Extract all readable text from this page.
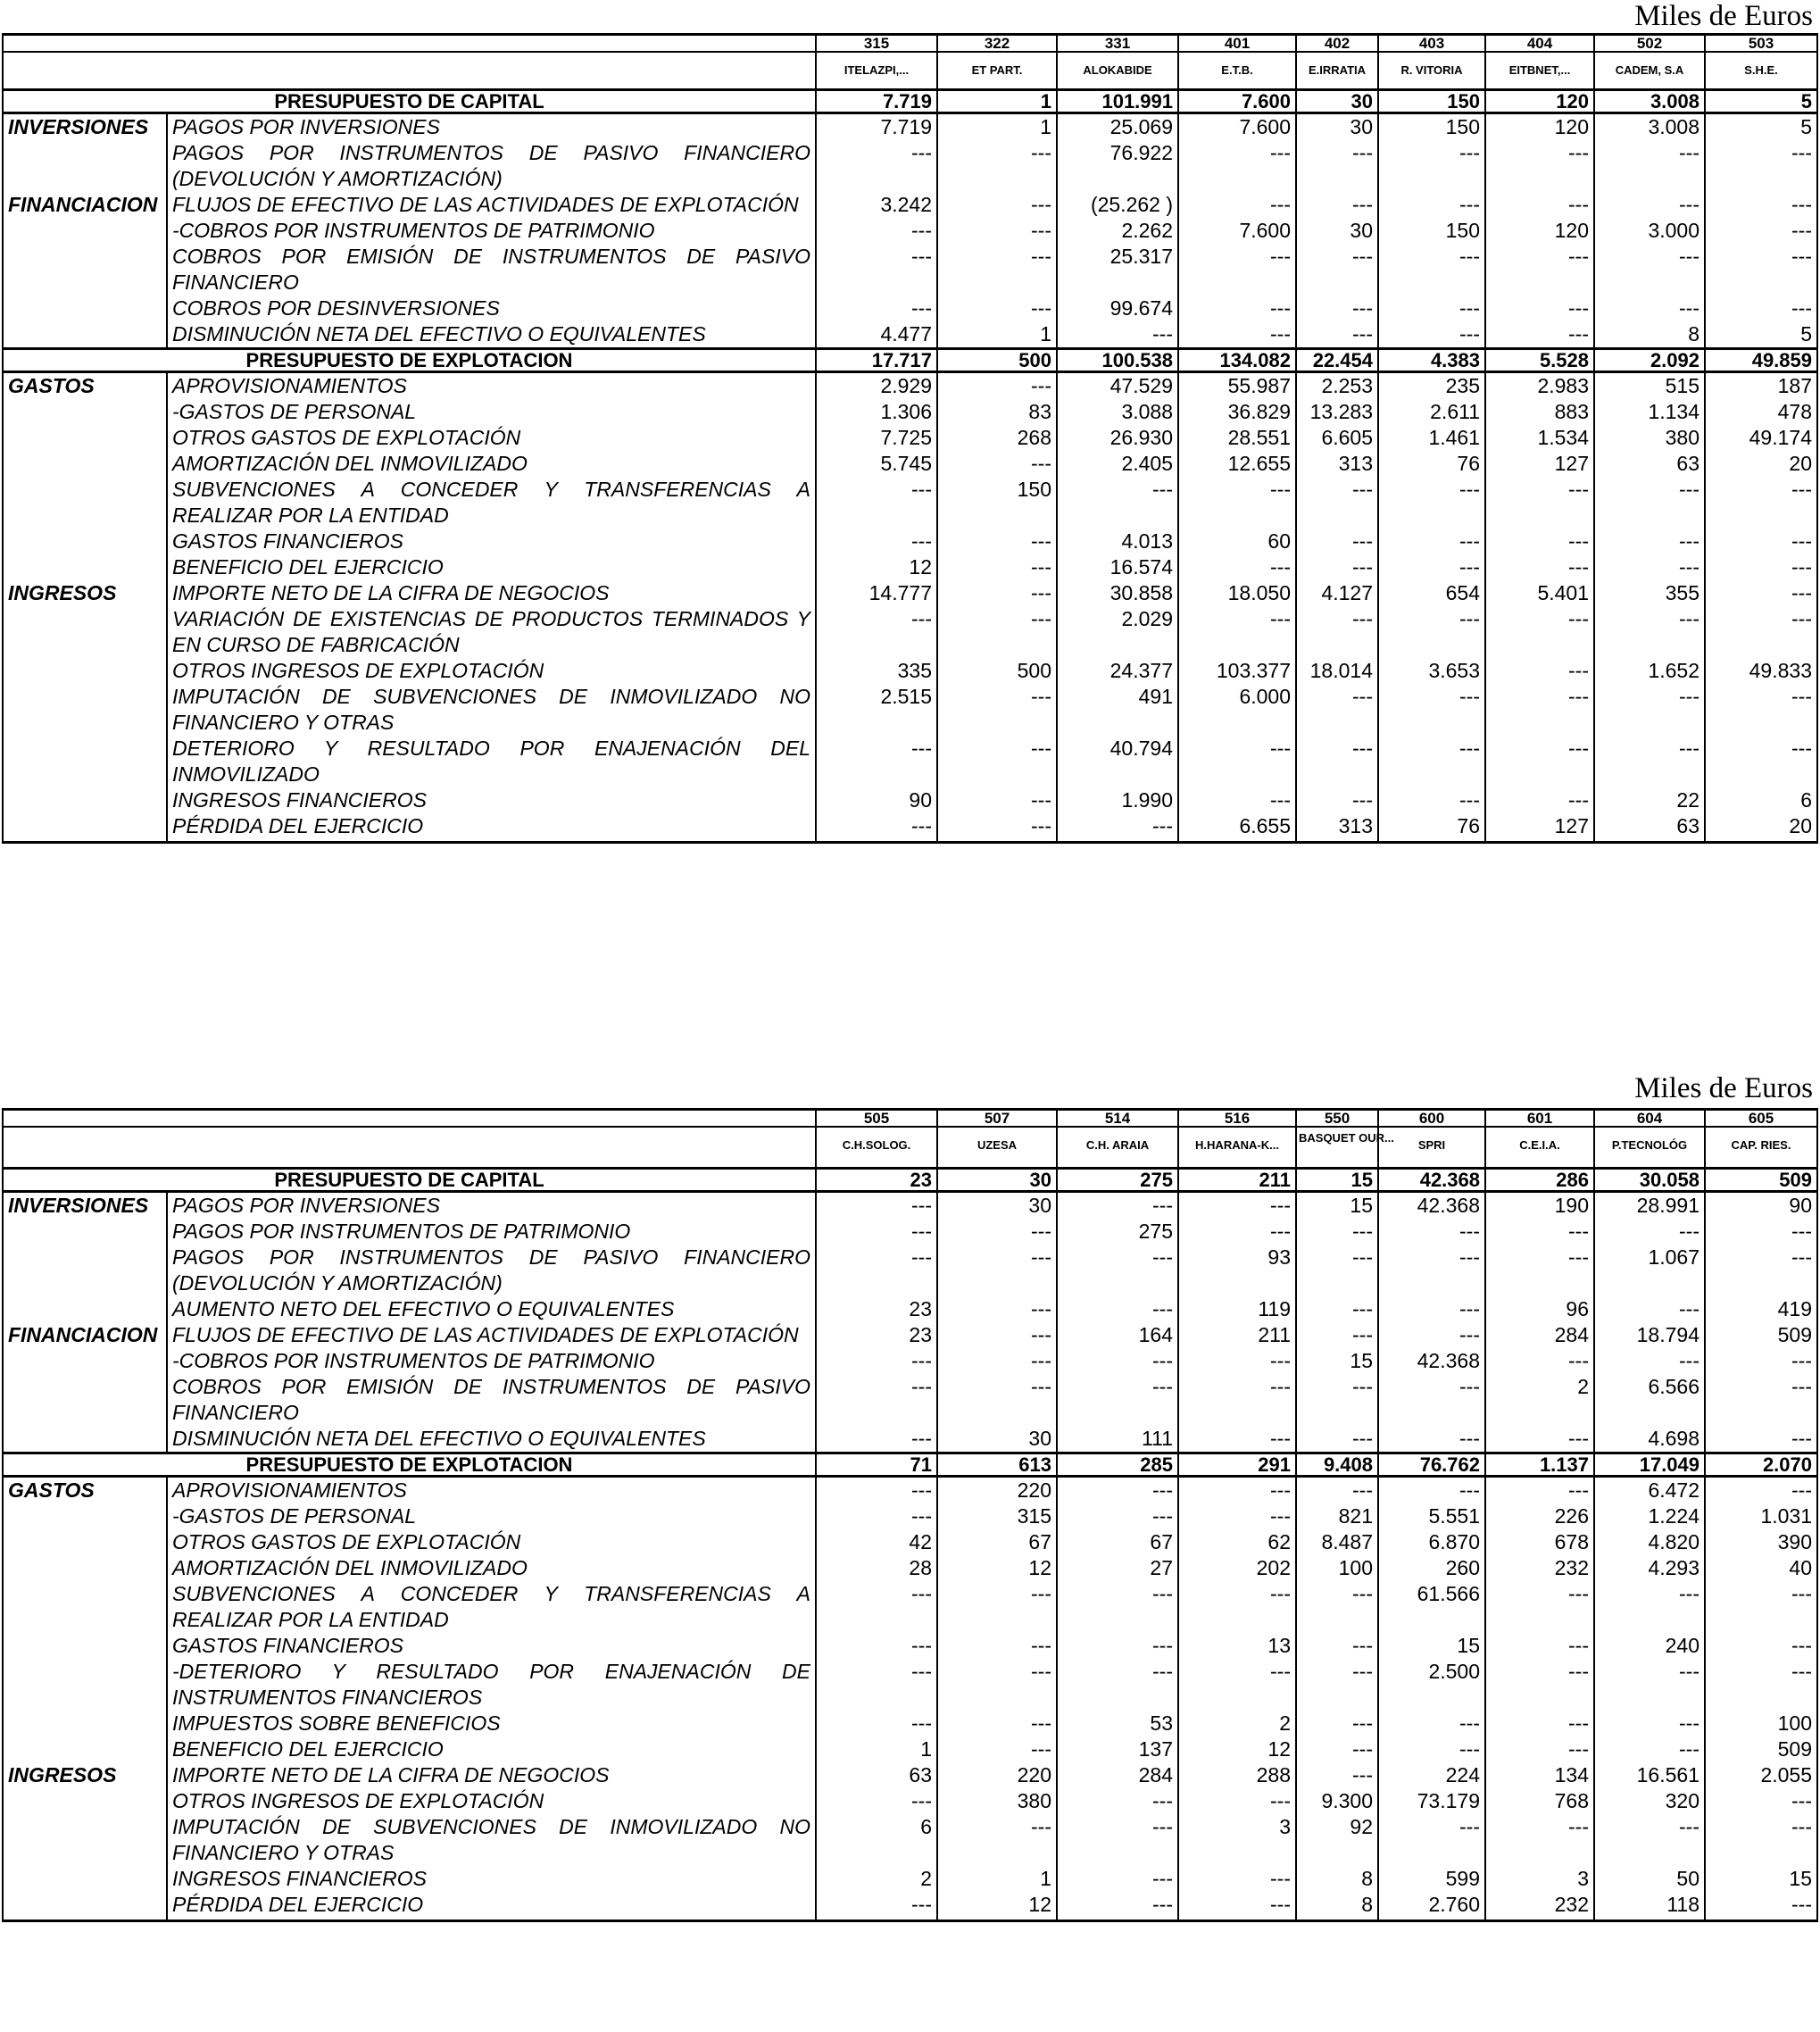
Miles de Euros
		315	322	331	401	402	403	404	502	503
		ITELAZPI,...	ET PART.	ALOKABIDE	E.T.B.	E.IRRATIA	R. VITORIA	EITBNET,...	CADEM, S.A	S.H.E.
PRESUPUESTO DE CAPITAL		7.719	1	101.991	7.600	30	150	120	3.008	5
INVERSIONES	PAGOS POR INVERSIONES	7.719	1	25.069	7.600	30	150	120	3.008	5
	PAGOS POR INSTRUMENTOS DE PASIVO FINANCIERO (DEVOLUCIÓN Y AMORTIZACIÓN)	---	---	76.922	---	---	---	---	---	---
FINANCIACION	FLUJOS DE EFECTIVO DE LAS ACTIVIDADES DE EXPLOTACIÓN	3.242	---	(25.262 )	---	---	---	---	---	---
	-COBROS POR INSTRUMENTOS DE PATRIMONIO	---	---	2.262	7.600	30	150	120	3.000	---
	COBROS POR EMISIÓN DE INSTRUMENTOS DE PASIVO FINANCIERO	---	---	25.317	---	---	---	---	---	---
	COBROS POR DESINVERSIONES	---	---	99.674	---	---	---	---	---	---
	DISMINUCIÓN NETA DEL EFECTIVO O EQUIVALENTES	4.477	1	---	---	---	---	---	8	5
PRESUPUESTO DE EXPLOTACION		17.717	500	100.538	134.082	22.454	4.383	5.528	2.092	49.859
GASTOS	APROVISIONAMIENTOS	2.929	---	47.529	55.987	2.253	235	2.983	515	187
	-GASTOS DE PERSONAL	1.306	83	3.088	36.829	13.283	2.611	883	1.134	478
	OTROS GASTOS DE EXPLOTACIÓN	7.725	268	26.930	28.551	6.605	1.461	1.534	380	49.174
	AMORTIZACIÓN DEL INMOVILIZADO	5.745	---	2.405	12.655	313	76	127	63	20
	SUBVENCIONES A CONCEDER Y TRANSFERENCIAS A REALIZAR POR LA ENTIDAD	---	150	---	---	---	---	---	---	---
	GASTOS FINANCIEROS	---	---	4.013	60	---	---	---	---	---
	BENEFICIO DEL EJERCICIO	12	---	16.574	---	---	---	---	---	---
INGRESOS	IMPORTE NETO DE LA CIFRA DE NEGOCIOS	14.777	---	30.858	18.050	4.127	654	5.401	355	---
	VARIACIÓN DE EXISTENCIAS DE PRODUCTOS TERMINADOS Y EN CURSO DE FABRICACIÓN	---	---	2.029	---	---	---	---	---	---
	OTROS INGRESOS DE EXPLOTACIÓN	335	500	24.377	103.377	18.014	3.653	---	1.652	49.833
	IMPUTACIÓN DE SUBVENCIONES DE INMOVILIZADO NO FINANCIERO Y OTRAS	2.515	---	491	6.000	---	---	---	---	---
	DETERIORO Y RESULTADO POR ENAJENACIÓN DEL INMOVILIZADO	---	---	40.794	---	---	---	---	---	---
	INGRESOS FINANCIEROS	90	---	1.990	---	---	---	---	22	6
	PÉRDIDA DEL EJERCICIO	---	---	---	6.655	313	76	127	63	20
Miles de Euros
		505	507	514	516	550	600	601	604	605
		C.H.SOLOG.	UZESA	C.H. ARAIA	H.HARANA-K...	BASQUET OUR...	SPRI	C.E.I.A.	P.TECNOLÓG	CAP. RIES.
PRESUPUESTO DE CAPITAL		23	30	275	211	15	42.368	286	30.058	509
INVERSIONES	PAGOS POR INVERSIONES	---	30	---	---	15	42.368	190	28.991	90
	PAGOS POR INSTRUMENTOS DE PATRIMONIO	---	---	275	---	---	---	---	---	---
	PAGOS POR INSTRUMENTOS DE PASIVO FINANCIERO (DEVOLUCIÓN Y AMORTIZACIÓN)	---	---	---	93	---	---	---	1.067	---
	AUMENTO NETO DEL EFECTIVO O EQUIVALENTES	23	---	---	119	---	---	96	---	419
FINANCIACION	FLUJOS DE EFECTIVO DE LAS ACTIVIDADES DE EXPLOTACIÓN	23	---	164	211	---	---	284	18.794	509
	-COBROS POR INSTRUMENTOS DE PATRIMONIO	---	---	---	---	15	42.368	---	---	---
	COBROS POR EMISIÓN DE INSTRUMENTOS DE PASIVO FINANCIERO	---	---	---	---	---	---	2	6.566	---
	DISMINUCIÓN NETA DEL EFECTIVO O EQUIVALENTES	---	30	111	---	---	---	---	4.698	---
PRESUPUESTO DE EXPLOTACION		71	613	285	291	9.408	76.762	1.137	17.049	2.070
GASTOS	APROVISIONAMIENTOS	---	220	---	---	---	---	---	6.472	---
	-GASTOS DE PERSONAL	---	315	---	---	821	5.551	226	1.224	1.031
	OTROS GASTOS DE EXPLOTACIÓN	42	67	67	62	8.487	6.870	678	4.820	390
	AMORTIZACIÓN DEL INMOVILIZADO	28	12	27	202	100	260	232	4.293	40
	SUBVENCIONES A CONCEDER Y TRANSFERENCIAS A REALIZAR POR LA ENTIDAD	---	---	---	---	---	61.566	---	---	---
	GASTOS FINANCIEROS	---	---	---	13	---	15	---	240	---
	-DETERIORO Y RESULTADO POR ENAJENACIÓN DE INSTRUMENTOS FINANCIEROS	---	---	---	---	---	2.500	---	---	---
	IMPUESTOS SOBRE BENEFICIOS	---	---	53	2	---	---	---	---	100
	BENEFICIO DEL EJERCICIO	1	---	137	12	---	---	---	---	509
INGRESOS	IMPORTE NETO DE LA CIFRA DE NEGOCIOS	63	220	284	288	---	224	134	16.561	2.055
	OTROS INGRESOS DE EXPLOTACIÓN	---	380	---	---	9.300	73.179	768	320	---
	IMPUTACIÓN DE SUBVENCIONES DE INMOVILIZADO NO FINANCIERO Y OTRAS	6	---	---	3	92	---	---	---	---
	INGRESOS FINANCIEROS	2	1	---	---	8	599	3	50	15
	PÉRDIDA DEL EJERCICIO	---	12	---	---	8	2.760	232	118	---
